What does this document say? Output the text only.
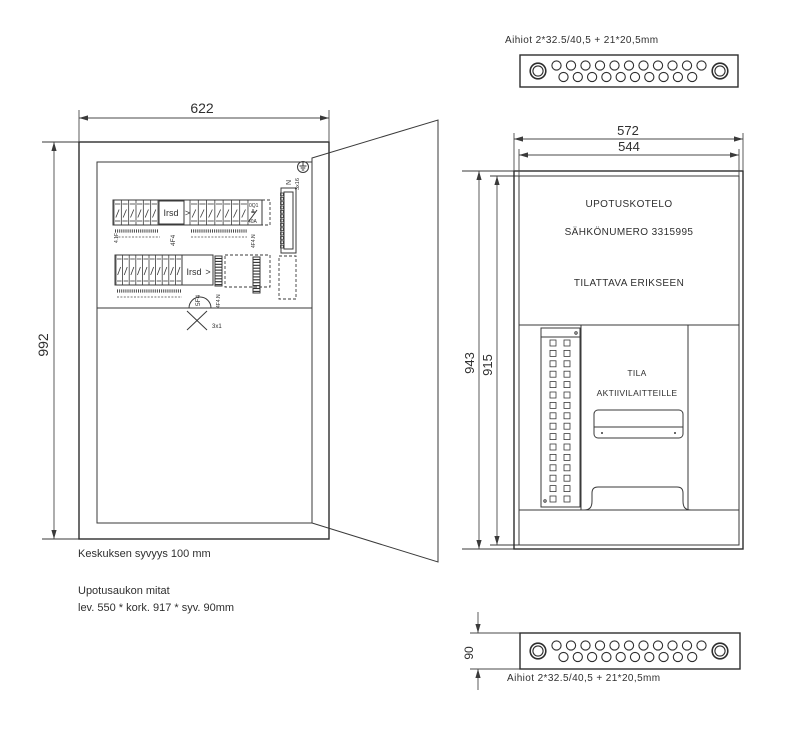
622
992
Irsd >
0Q1
40A
4.1F	4F4	4F4.N
Irsd >
5F4	4F4.N
N 3x16
3x1
Keskuksen syvyys 100 mm
Upotusaukon mitat
lev. 550 * kork. 917 * syv. 90mm
Aihiot 2*32.5/40,5 + 21*20,5mm
572
544
943 915
UPOTUSKOTELO
SÄHKÖNUMERO 3315995
TILATTAVA ERIKSEEN
TILA
AKTIIVILAITTEILLE
90
Aihiot 2*32.5/40,5 + 21*20,5mm
